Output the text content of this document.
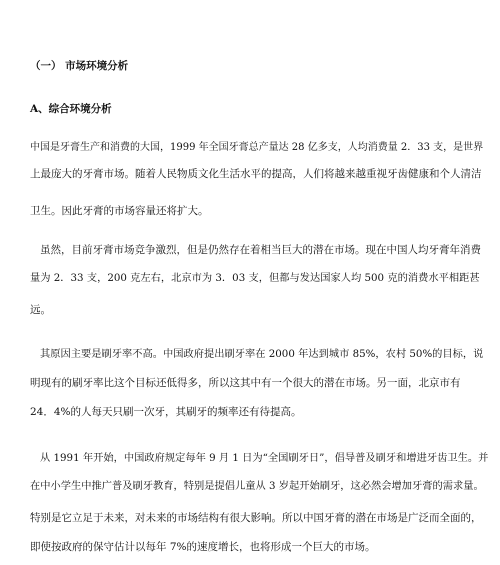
（一） 市场环境分析

A、综合环境分析

中国是牙膏生产和消费的大国，1999 年全国牙膏总产量达 28 亿多支，人均消费量 2．33 支，是世界

上最庞大的牙膏市场。随着人民物质文化生活水平的提高，人们将越来越重视牙齿健康和个人清洁

卫生。因此牙膏的市场容量还将扩大。

虽然，目前牙膏市场竞争激烈，但是仍然存在着相当巨大的潜在市场。现在中国人均牙膏年消费

量为 2．33 支，200 克左右，北京市为 3．03 支，但都与发达国家人均 500 克的消费水平相距甚

远。

其原因主要是刷牙率不高。中国政府提出刷牙率在 2000 年达到城市 85%，农村 50%的目标，说

明现有的刷牙率比这个目标还低得多，所以这其中有一个很大的潜在市场。另一面，北京市有

24．4%的人每天只刷一次牙，其刷牙的频率还有待提高。

从 1991 年开始，中国政府规定每年 9 月 1 日为“全国刷牙日”，倡导普及刷牙和增进牙齿卫生。并

在中小学生中推广普及刷牙教育，特别是提倡儿童从 3 岁起开始刷牙，这必然会增加牙膏的需求量。

特别是它立足于未来，对未来的市场结构有很大影响。所以中国牙膏的潜在市场是广泛而全面的，

即使按政府的保守估计以每年 7%的速度增长，也将形成一个巨大的市场。
